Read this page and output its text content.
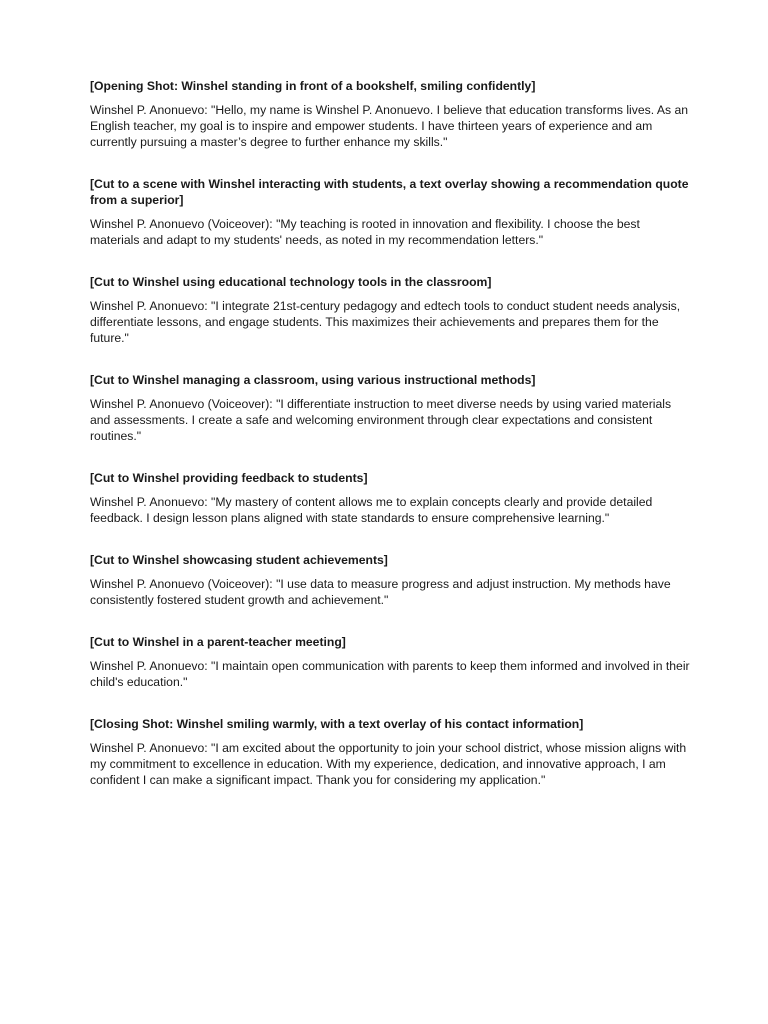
[Opening Shot: Winshel standing in front of a bookshelf, smiling confidently]

Winshel P. Anonuevo: "Hello, my name is Winshel P. Anonuevo. I believe that education transforms lives. As an English teacher, my goal is to inspire and empower students. I have thirteen years of experience and am currently pursuing a master’s degree to further enhance my skills."

[Cut to a scene with Winshel interacting with students, a text overlay showing a recommendation quote from a superior]

Winshel P. Anonuevo (Voiceover): "My teaching is rooted in innovation and flexibility. I choose the best materials and adapt to my students' needs, as noted in my recommendation letters."

[Cut to Winshel using educational technology tools in the classroom]

Winshel P. Anonuevo: "I integrate 21st-century pedagogy and edtech tools to conduct student needs analysis, differentiate lessons, and engage students. This maximizes their achievements and prepares them for the future."

[Cut to Winshel managing a classroom, using various instructional methods]

Winshel P. Anonuevo (Voiceover): "I differentiate instruction to meet diverse needs by using varied materials and assessments. I create a safe and welcoming environment through clear expectations and consistent routines."

[Cut to Winshel providing feedback to students]

Winshel P. Anonuevo: "My mastery of content allows me to explain concepts clearly and provide detailed feedback. I design lesson plans aligned with state standards to ensure comprehensive learning."

[Cut to Winshel showcasing student achievements]

Winshel P. Anonuevo (Voiceover): "I use data to measure progress and adjust instruction. My methods have consistently fostered student growth and achievement."

[Cut to Winshel in a parent-teacher meeting]

Winshel P. Anonuevo: "I maintain open communication with parents to keep them informed and involved in their child's education."

[Closing Shot: Winshel smiling warmly, with a text overlay of his contact information]

Winshel P. Anonuevo: "I am excited about the opportunity to join your school district, whose mission aligns with my commitment to excellence in education. With my experience, dedication, and innovative approach, I am confident I can make a significant impact. Thank you for considering my application."
